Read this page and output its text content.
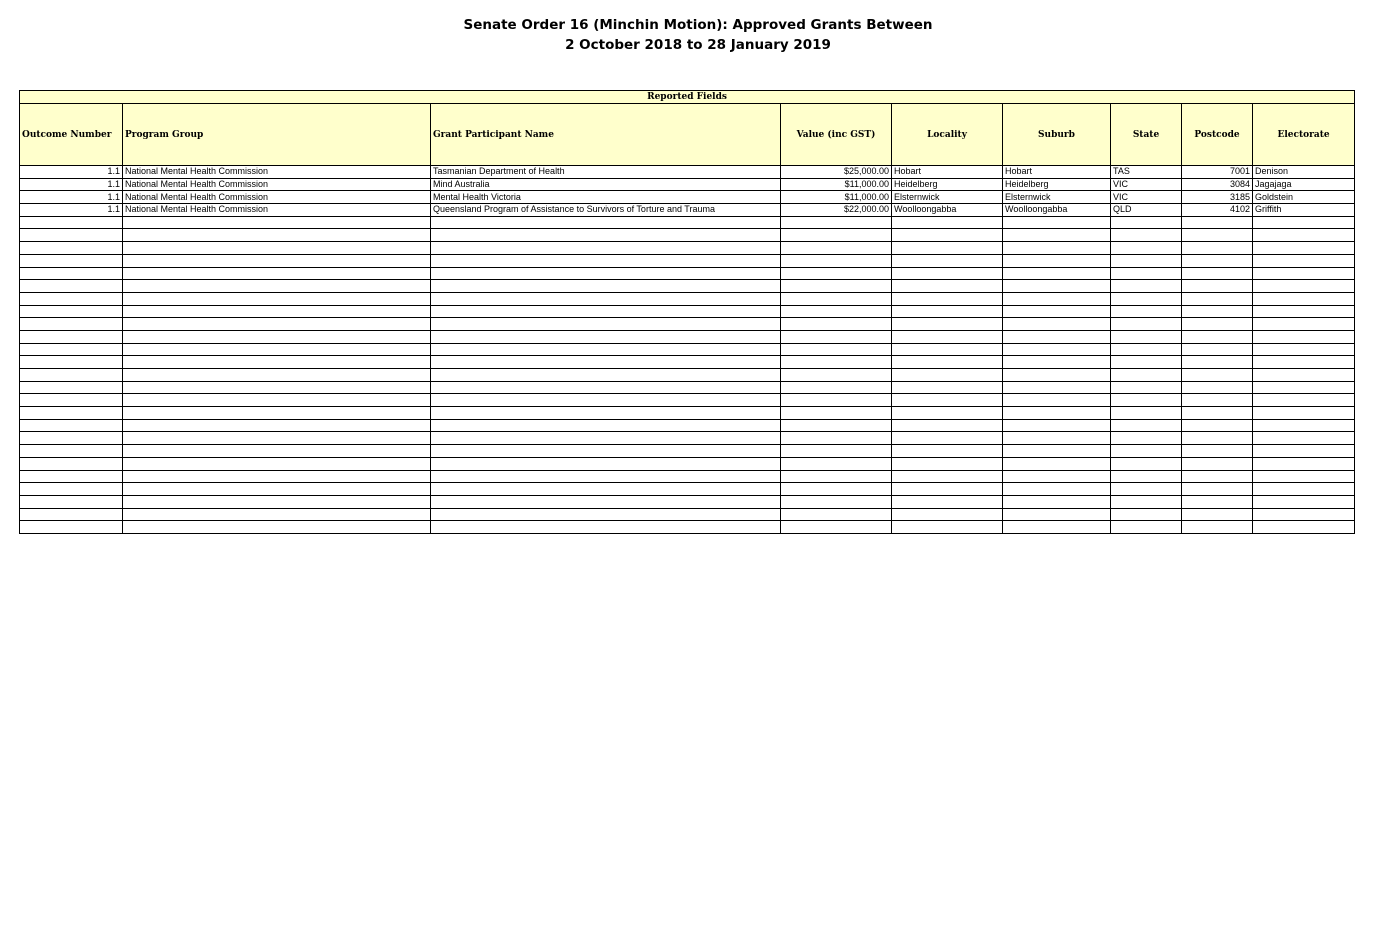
Senate Order 16 (Minchin Motion): Approved Grants Between
2 October 2018 to 28 January 2019
Reported Fields								
Outcome Number	Program Group	Grant Participant Name	Value (inc GST)	Locality	Suburb	State	Postcode	Electorate
1.1	National Mental Health Commission	Tasmanian Department of Health	$25,000.00	Hobart	Hobart	TAS	7001	Denison
1.1	National Mental Health Commission	Mind Australia	$11,000.00	Heidelberg	Heidelberg	VIC	3084	Jagajaga
1.1	National Mental Health Commission	Mental Health Victoria	$11,000.00	Elsternwick	Elsternwick	VIC	3185	Goldstein
1.1	National Mental Health Commission	Queensland Program of Assistance to Survivors of Torture and Trauma	$22,000.00	Woolloongabba	Woolloongabba	QLD	4102	Griffith
